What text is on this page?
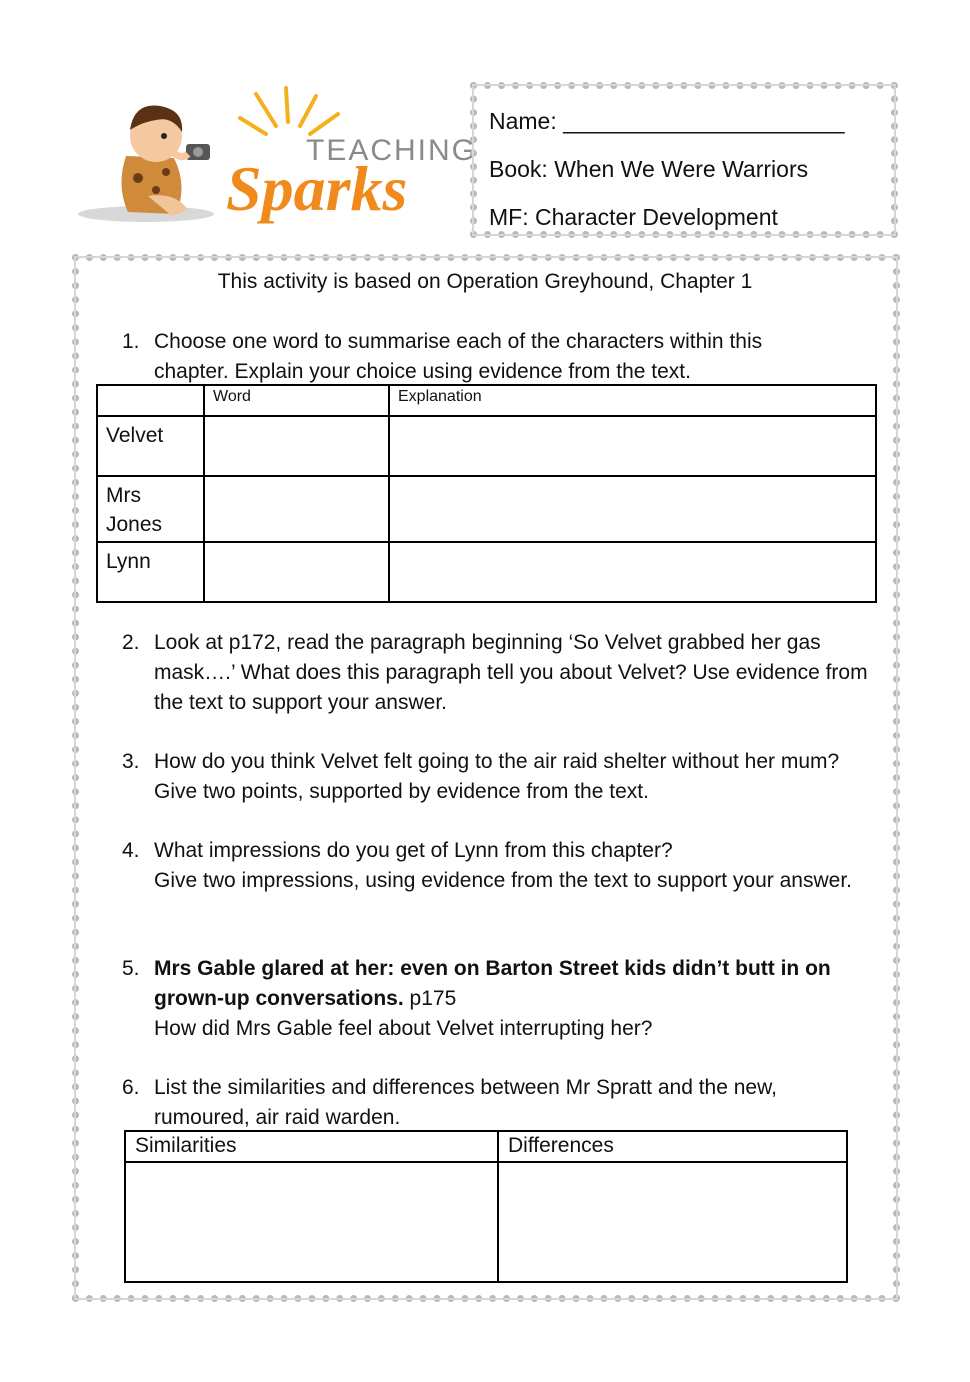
TEACHING
Sparks
Name: ______________________
Book: When We Were Warriors
MF: Character Development
This activity is based on Operation Greyhound, Chapter 1
1. Choose one word to summarise each of the characters within this
chapter. Explain your choice using evidence from the text.
	Word	Explanation

Velvet		

Mrs
Jones		

Lynn		

2. Look at p172, read the paragraph beginning ‘So Velvet grabbed her gas mask….’ What does this paragraph tell you about Velvet? Use evidence from the text to support your answer.
3. How do you think Velvet felt going to the air raid shelter without her mum? Give two points, supported by evidence from the text.
4. What impressions do you get of Lynn from this chapter?
Give two impressions, using evidence from the text to support your answer.
5. Mrs Gable glared at her: even on Barton Street kids didn’t butt in on grown-up conversations. p175
How did Mrs Gable feel about Velvet interrupting her?
6. List the similarities and differences between Mr Spratt and the new,
rumoured, air raid warden.
Similarities	Differences
